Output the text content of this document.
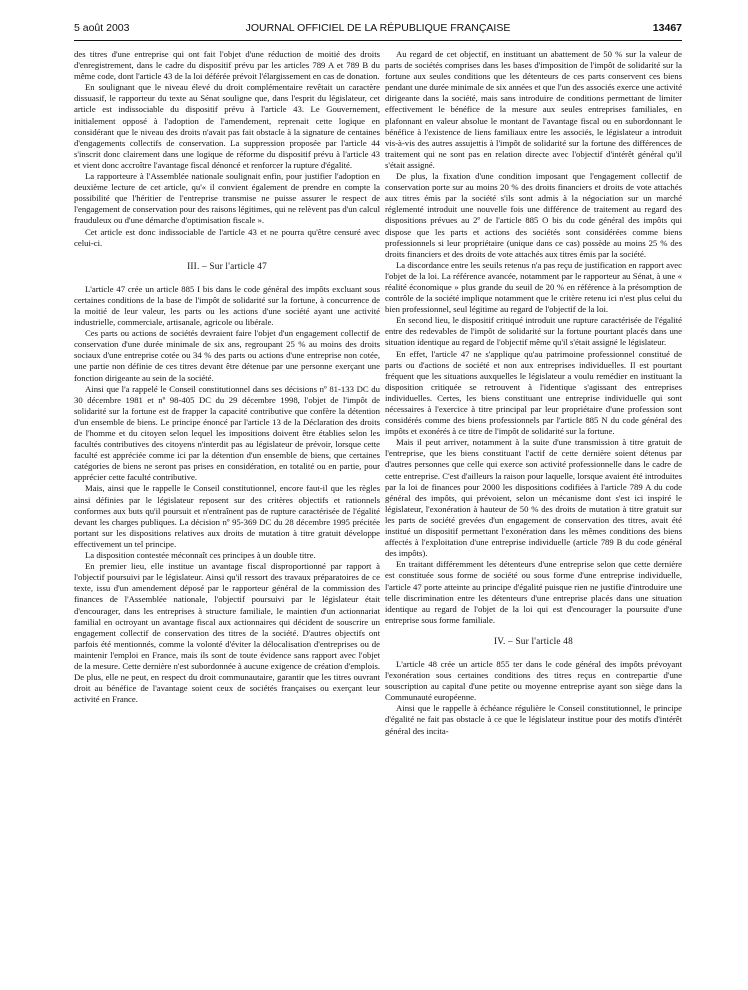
5 août 2003	JOURNAL OFFICIEL DE LA RÉPUBLIQUE FRANÇAISE	13467

des titres d'une entreprise qui ont fait l'objet d'une réduction de moitié des droits d'enregistrement, dans le cadre du dispositif prévu par les articles 789 A et 789 B du même code, dont l'article 43 de la loi déférée prévoit l'élargissement en cas de donation.

En soulignant que le niveau élevé du droit complémentaire revêtait un caractère dissuasif, le rapporteur du texte au Sénat souligne que, dans l'esprit du législateur, cet article est indissociable du dispositif prévu à l'article 43. Le Gouvernement, initialement opposé à l'adoption de l'amendement, reprenait cette logique en considérant que le niveau des droits n'avait pas fait obstacle à la signature de centaines d'engagements collectifs de conservation. La suppression proposée par l'article 44 s'inscrit donc clairement dans une logique de réforme du dispositif prévu à l'article 43 et vient donc accroître l'avantage fiscal dénoncé et renforcer la rupture d'égalité.

La rapporteure à l'Assemblée nationale soulignait enfin, pour justifier l'adoption en deuxième lecture de cet article, qu'« il convient également de prendre en compte la possibilité que l'héritier de l'entreprise transmise ne puisse assurer le respect de l'engagement de conservation pour des raisons légitimes, qui ne relèvent pas d'un calcul frauduleux ou d'une démarche d'optimisation fiscale ».

Cet article est donc indissociable de l'article 43 et ne pourra qu'être censuré avec celui-ci.

III. – Sur l'article 47

L'article 47 crée un article 885 I bis dans le code général des impôts excluant sous certaines conditions de la base de l'impôt de solidarité sur la fortune, à concurrence de la moitié de leur valeur, les parts ou les actions d'une société ayant une activité industrielle, commerciale, artisanale, agricole ou libérale.

Ces parts ou actions de sociétés devraient faire l'objet d'un engagement collectif de conservation d'une durée minimale de six ans, regroupant 25 % au moins des droits sociaux d'une entreprise cotée ou 34 % des parts ou actions d'une entreprise non cotée, une partie non définie de ces titres devant être détenue par une personne exerçant une fonction dirigeante au sein de la société.

Ainsi que l'a rappelé le Conseil constitutionnel dans ses décisions nº 81-133 DC du 30 décembre 1981 et nº 98-405 DC du 29 décembre 1998, l'objet de l'impôt de solidarité sur la fortune est de frapper la capacité contributive que confère la détention d'un ensemble de biens. Le principe énoncé par l'article 13 de la Déclaration des droits de l'homme et du citoyen selon lequel les impositions doivent être établies selon les facultés contributives des citoyens n'interdit pas au législateur de prévoir, lorsque cette faculté est appréciée comme ici par la détention d'un ensemble de biens, que certaines catégories de biens ne seront pas prises en considération, en totalité ou en partie, pour apprécier cette faculté contributive.

Mais, ainsi que le rappelle le Conseil constitutionnel, encore faut-il que les règles ainsi définies par le législateur reposent sur des critères objectifs et rationnels conformes aux buts qu'il poursuit et n'entraînent pas de rupture caractérisée de l'égalité devant les charges publiques. La décision nº 95-369 DC du 28 décembre 1995 précitée portant sur les dispositions relatives aux droits de mutation à titre gratuit développe effectivement un tel principe.

La disposition contestée méconnaît ces principes à un double titre.

En premier lieu, elle institue un avantage fiscal disproportionné par rapport à l'objectif poursuivi par le législateur. Ainsi qu'il ressort des travaux préparatoires de ce texte, issu d'un amendement déposé par le rapporteur général de la commission des finances de l'Assemblée nationale, l'objectif poursuivi par le législateur était d'encourager, dans les entreprises à structure familiale, le maintien d'un actionnariat familial en octroyant un avantage fiscal aux actionnaires qui décident de souscrire un engagement collectif de conservation des titres de la société. D'autres objectifs ont parfois été mentionnés, comme la volonté d'éviter la délocalisation d'entreprises ou de maintenir l'emploi en France, mais ils sont de toute évidence sans rapport avec l'objet de la mesure. Cette dernière n'est subordonnée à aucune exigence de création d'emplois. De plus, elle ne peut, en respect du droit communautaire, garantir que les titres ouvrant droit au bénéfice de l'avantage soient ceux de sociétés françaises ou exerçant leur activité en France.

Au regard de cet objectif, en instituant un abattement de 50 % sur la valeur de parts de sociétés comprises dans les bases d'imposition de l'impôt de solidarité sur la fortune aux seules conditions que les détenteurs de ces parts conservent ces biens pendant une durée minimale de six années et que l'un des associés exerce une activité dirigeante dans la société, mais sans introduire de conditions permettant de limiter effectivement le bénéfice de la mesure aux seules entreprises familiales, en plafonnant en valeur absolue le montant de l'avantage fiscal ou en subordonnant le bénéfice à l'existence de liens familiaux entre les associés, le législateur a introduit vis-à-vis des autres assujettis à l'impôt de solidarité sur la fortune des différences de traitement qui ne sont pas en relation directe avec l'objectif d'intérêt général qu'il s'était assigné.

De plus, la fixation d'une condition imposant que l'engagement collectif de conservation porte sur au moins 20 % des droits financiers et droits de vote attachés aux titres émis par la société s'ils sont admis à la négociation sur un marché réglementé introduit une nouvelle fois une différence de traitement au regard des dispositions prévues au 2º de l'article 885 O bis du code général des impôts qui dispose que les parts et actions des sociétés sont considérées comme biens professionnels si leur propriétaire (unique dans ce cas) possède au moins 25 % des droits financiers et des droits de vote attachés aux titres émis par la société.

La discordance entre les seuils retenus n'a pas reçu de justification en rapport avec l'objet de la loi. La référence avancée, notamment par le rapporteur au Sénat, à une « réalité économique » plus grande du seuil de 20 % en référence à la présomption de contrôle de la société implique notamment que le critère retenu ici n'est plus celui du bien professionnel, seul légitime au regard de l'objectif de la loi.

En second lieu, le dispositif critiqué introduit une rupture caractérisée de l'égalité entre des redevables de l'impôt de solidarité sur la fortune pourtant placés dans une situation identique au regard de l'objectif même qu'il s'était assigné le législateur.

En effet, l'article 47 ne s'applique qu'au patrimoine professionnel constitué de parts ou d'actions de société et non aux entreprises individuelles. Il est pourtant fréquent que les situations auxquelles le législateur a voulu remédier en instituant la disposition critiquée se retrouvent à l'identique s'agissant des entreprises individuelles. Certes, les biens constituant une entreprise individuelle qui sont nécessaires à l'exercice à titre principal par leur propriétaire d'une profession sont considérés comme des biens professionnels par l'article 885 N du code général des impôts et exonérés à ce titre de l'impôt de solidarité sur la fortune.

Mais il peut arriver, notamment à la suite d'une transmission à titre gratuit de l'entreprise, que les biens constituant l'actif de cette dernière soient détenus par d'autres personnes que celle qui exerce son activité professionnelle dans le cadre de cette entreprise. C'est d'ailleurs la raison pour laquelle, lorsque avaient été introduites par la loi de finances pour 2000 les dispositions codifiées à l'article 789 A du code général des impôts, qui prévoient, selon un mécanisme dont s'est ici inspiré le législateur, l'exonération à hauteur de 50 % des droits de mutation à titre gratuit sur les parts de société grevées d'un engagement de conservation des titres, avait été institué un dispositif permettant l'exonération dans les mêmes conditions des biens affectés à l'exploitation d'une entreprise individuelle (article 789 B du code général des impôts).

En traitant différemment les détenteurs d'une entreprise selon que cette dernière est constituée sous forme de société ou sous forme d'une entreprise individuelle, l'article 47 porte atteinte au principe d'égalité puisque rien ne justifie d'introduire une telle discrimination entre les détenteurs d'une entreprise placés dans une situation identique au regard de l'objet de la loi qui est d'encourager la poursuite d'une entreprise sous forme familiale.

IV. – Sur l'article 48

L'article 48 crée un article 855 ter dans le code général des impôts prévoyant l'exonération sous certaines conditions des titres reçus en contrepartie d'une souscription au capital d'une petite ou moyenne entreprise ayant son siège dans la Communauté européenne.

Ainsi que le rappelle à échéance régulière le Conseil constitutionnel, le principe d'égalité ne fait pas obstacle à ce que le législateur institue pour des motifs d'intérêt général des incita-
